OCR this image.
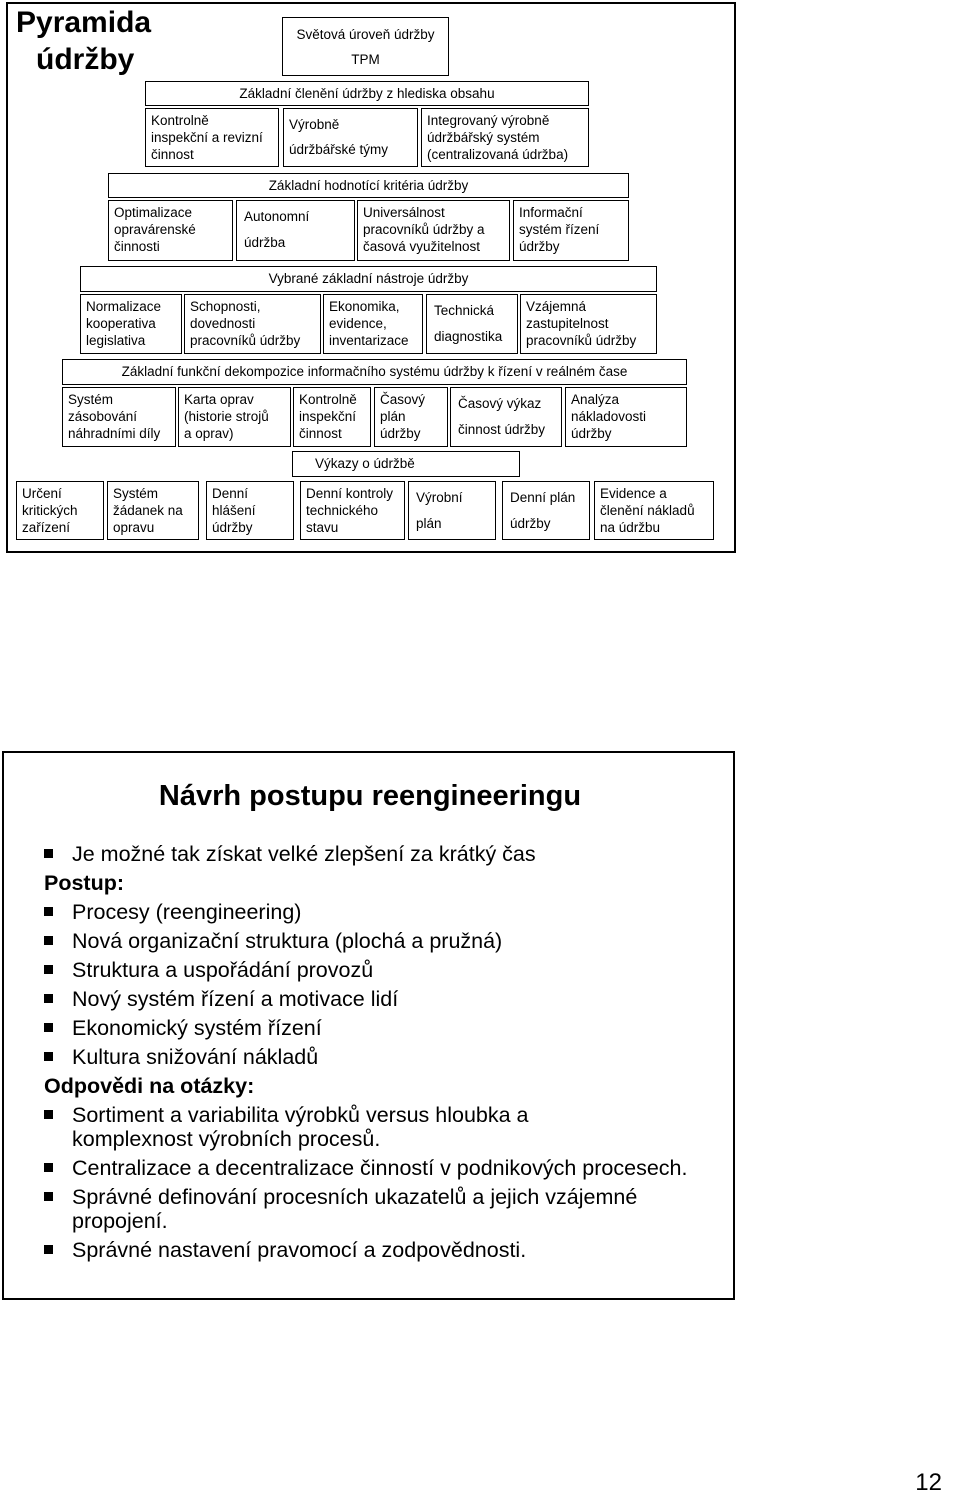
Pyramida
údržby
Světová úroveň údržby
TPM
Základní členění údržby z hlediska obsahu
Kontrolně
inspekční a revizní
činnost
Výrobně
údržbářské týmy
Integrovaný výrobně
údržbářský systém
(centralizovaná údržba)
Základní hodnotící kritéria údržby
Optimalizace
opravárenské
činnosti
Autonomní
údržba
Universálnost
pracovníků údržby a
časová využitelnost
Informační
systém řízení
údržby
Vybrané základní nástroje údržby
Normalizace
kooperativa
legislativa
Schopnosti,
dovednosti
pracovníků údržby
Ekonomika,
evidence,
inventarizace
Technická
diagnostika
Vzájemná
zastupitelnost
pracovníků údržby
Základní funkční dekompozice informačního systému údržby k řízení v reálném čase
Systém
zásobování
náhradními díly
Karta oprav
(historie strojů
a oprav)
Kontrolně
inspekční
činnost
Časový
plán
údržby
Časový výkaz
činnost údržby
Analýza
nákladovosti
údržby
Výkazy o údržbě
Určení
kritických
zařízení
Systém
žádanek na
opravu
Denní
hlášení
údržby
Denní kontroly
technického
stavu
Výrobní
plán
Denní plán
údržby
Evidence a
členění nákladů
na údržbu
Návrh postupu reengineeringu
Je možné tak získat velké zlepšení za krátký čas
Postup:
Procesy (reengineering)
Nová organizační struktura (plochá a pružná)
Struktura a uspořádání provozů
Nový systém řízení a motivace lidí
Ekonomický systém řízení
Kultura snižování nákladů
Odpovědi na otázky:
Sortiment a variabilita výrobků versus hloubka a komplexnost výrobních procesů.
Centralizace a decentralizace činností v podnikových procesech.
Správné definování procesních ukazatelů a jejich vzájemné propojení.
Správné nastavení pravomocí a zodpovědnosti.
12
